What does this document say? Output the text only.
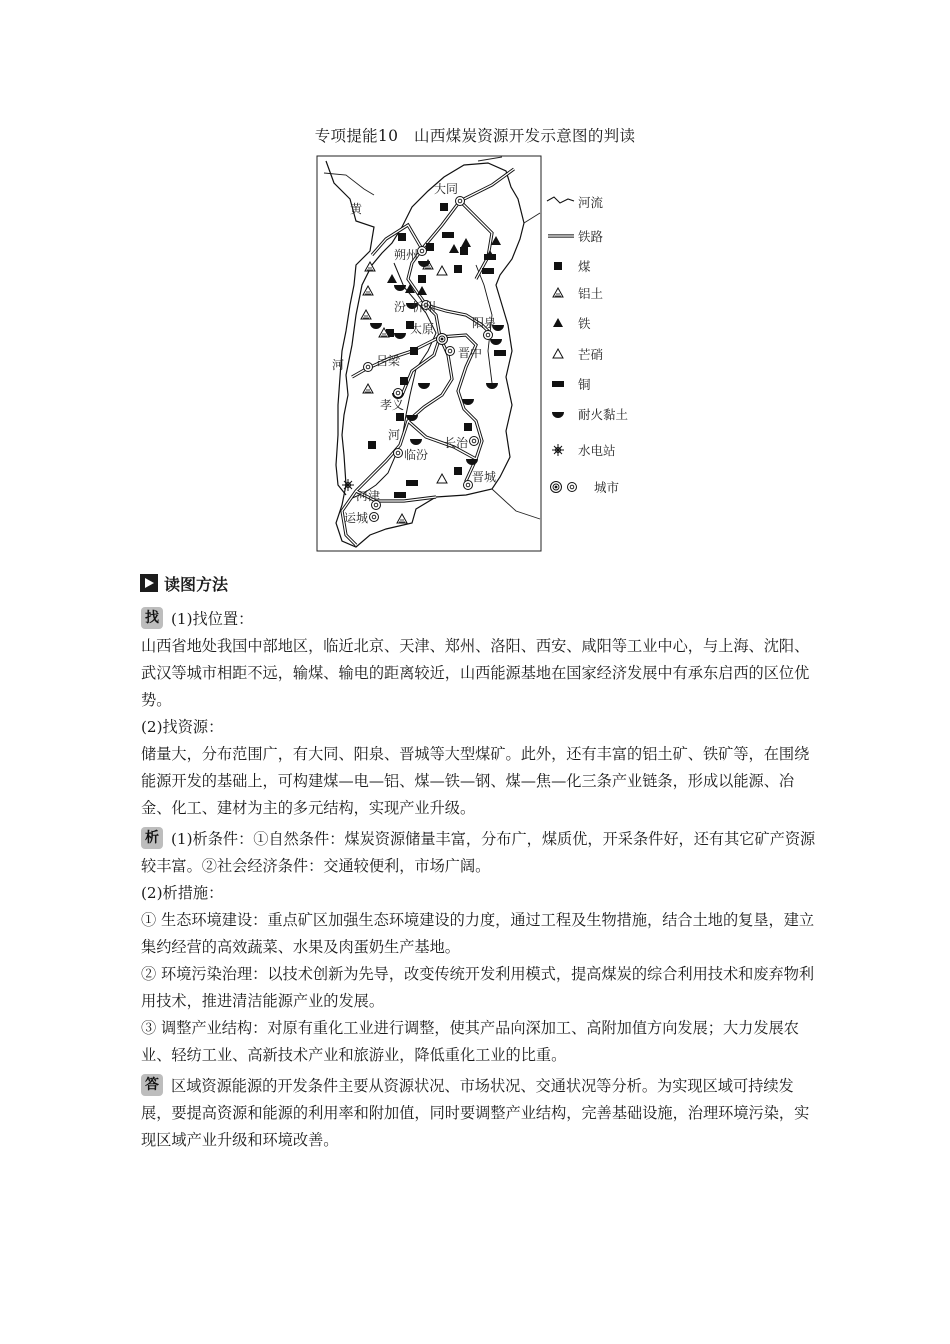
专项提能10　山西煤炭资源开发示意图的判读
黄
河
汾
河
大同
朔州
忻州
阳泉
太原
晋中
吕梁
孝义
长治
临汾
晋城
河津
运城
河流
铁路
煤
铝土
铁
芒硝
铜
耐火黏土
水电站
城市
读图方法

找 (1)找位置：

山西省地处我国中部地区，临近北京、天津、郑州、洛阳、西安、咸阳等工业中心，与上海、沈阳、武汉等城市相距不远，输煤、输电的距离较近，山西能源基地在国家经济发展中有承东启西的区位优势。

(2)找资源：

储量大，分布范围广，有大同、阳泉、晋城等大型煤矿。此外，还有丰富的铝土矿、铁矿等，在围绕能源开发的基础上，可构建煤—电—铝、煤—铁—钢、煤—焦—化三条产业链条，形成以能源、冶金、化工、建材为主的多元结构，实现产业升级。

析 (1)析条件：①自然条件：煤炭资源储量丰富，分布广，煤质优，开采条件好，还有其它矿产资源较丰富。②社会经济条件：交通较便利，市场广阔。

(2)析措施：

① 生态环境建设：重点矿区加强生态环境建设的力度，通过工程及生物措施，结合土地的复垦，建立集约经营的高效蔬菜、水果及肉蛋奶生产基地。

② 环境污染治理：以技术创新为先导，改变传统开发利用模式，提高煤炭的综合利用技术和废弃物利用技术，推进清洁能源产业的发展。

③ 调整产业结构：对原有重化工业进行调整，使其产品向深加工、高附加值方向发展；大力发展农业、轻纺工业、高新技术产业和旅游业，降低重化工业的比重。

答 区域资源能源的开发条件主要从资源状况、市场状况、交通状况等分析。为实现区域可持续发展，要提高资源和能源的利用率和附加值，同时要调整产业结构，完善基础设施，治理环境污染，实现区域产业升级和环境改善。
